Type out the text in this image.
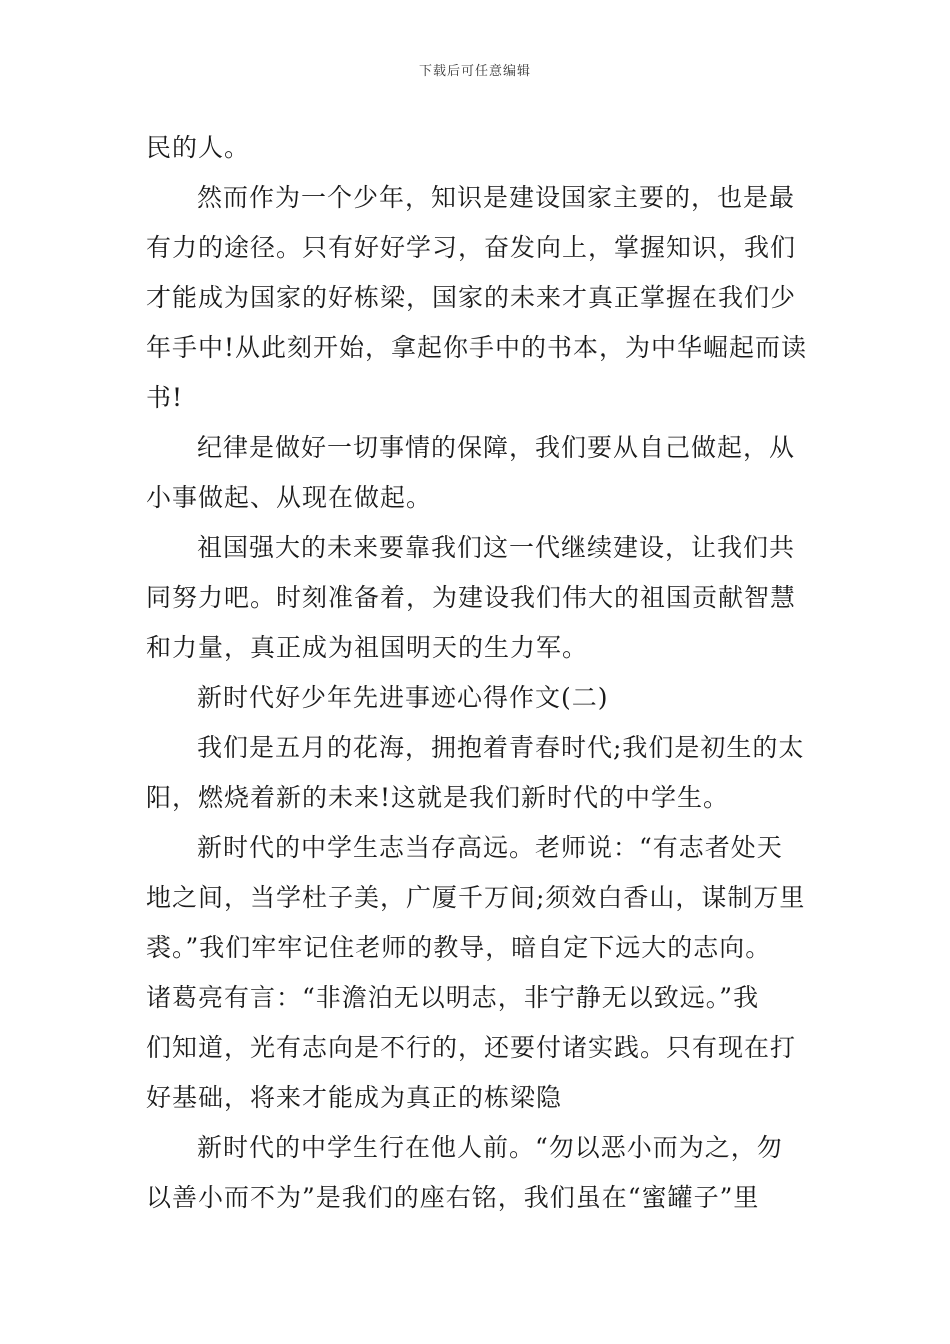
下载后可任意编辑
民的人。
然而作为一个少年，知识是建设国家主要的，也是最
有力的途径。只有好好学习，奋发向上，掌握知识，我们
才能成为国家的好栋梁，国家的未来才真正掌握在我们少
年手中!从此刻开始，拿起你手中的书本，为中华崛起而读
书!
纪律是做好一切事情的保障，我们要从自己做起，从
小事做起、从现在做起。
祖国强大的未来要靠我们这一代继续建设，让我们共
同努力吧。时刻准备着，为建设我们伟大的祖国贡献智慧
和力量，真正成为祖国明天的生力军。
新时代好少年先进事迹心得作文(二)
我们是五月的花海，拥抱着青春时代;我们是初生的太
阳，燃烧着新的未来!这就是我们新时代的中学生。
新时代的中学生志当存高远。老师说：“有志者处天
地之间，当学杜子美，广厦千万间;须效白香山，谋制万里
裘。”我们牢牢记住老师的教导，暗自定下远大的志向。
诸葛亮有言：“非澹泊无以明志，非宁静无以致远。”我
们知道，光有志向是不行的，还要付诸实践。只有现在打
好基础，将来才能成为真正的栋梁隐
新时代的中学生行在他人前。“勿以恶小而为之，勿
以善小而不为”是我们的座右铭，我们虽在“蜜罐子”里
